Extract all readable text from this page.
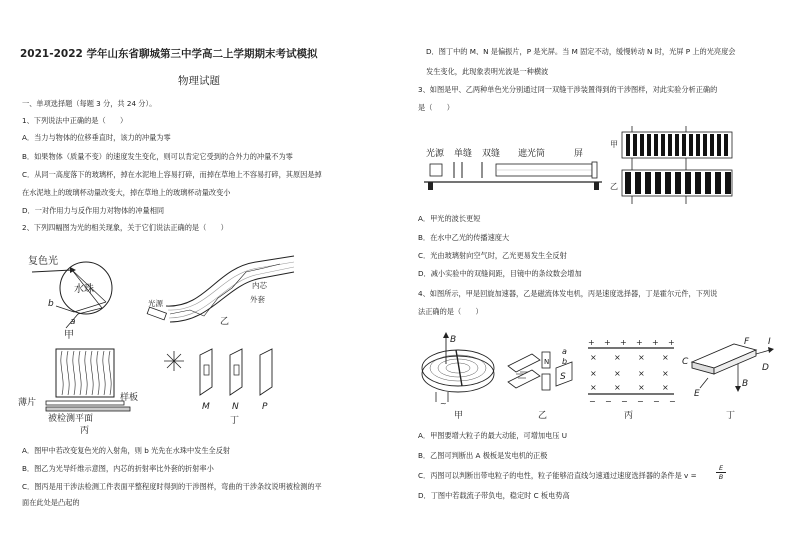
2021-2022 学年山东省聊城第三中学高二上学期期末考试模拟
物理试题
一、单项选择题（每题 3 分，共 24 分）。
1、下列说法中正确的是（　　）
A．当力与物体的位移垂直时，该力的冲量为零
B．如果物体（质量不变）的速度发生变化，则可以肯定它受到的合外力的冲量不为零
C．从同一高度落下的玻璃杯，掉在水泥地上容易打碎，而掉在草地上不容易打碎，其原因是掉
在水泥地上的玻璃杯动量改变大，掉在草地上的玻璃杯动量改变小
D．一对作用力与反作用力对物体的冲量相同
2、下列四幅图为光的相关现象，关于它们说法正确的是（　　）
复色光
水珠
b
a
甲
光源
内芯
外套
乙
薄片	样板
被检测平面
丙
M N	P
丁
A．图甲中若改变复色光的入射角，则 b 光先在水珠中发生全反射
B．图乙为光导纤维示意图，内芯的折射率比外套的折射率小
C．图丙是用干涉法检测工件表面平整程度时得到的干涉图样，弯曲的干涉条纹说明被检测的平
面在此处是凸起的
D．图丁中的 M、N 是偏振片，P 是光屏。当 M 固定不动，缓慢转动 N 时，光屏 P 上的光亮度会
发生变化，此现象表明光波是一种横波
3、如图是甲、乙两种单色光分别通过同一双缝干涉装置得到的干涉图样，对此实验分析正确的
是（　　）
光源 单缝 双缝 遮光筒	屏
甲
乙
A．甲光的波长更短
B．在水中乙光的传播速度大
C．光由玻璃射向空气时，乙光更易发生全反射
D．减小实验中的双缝间距，目镜中的条纹数会增加
4、如图所示，甲是回旋加速器，乙是磁流体发电机，丙是速度选择器，丁是霍尔元件，下列说
法正确的是（　　）
~
B
甲
N
S
a
b
乙
+ + + + + +
− − − − − −
× × × ×
× × × ×
× × × ×
丙
F I
C
D
B
E
丁
A．甲图要增大粒子的最大动能，可增加电压 U
B．乙图可判断出 A 极板是发电机的正极
C．丙图可以判断出带电粒子的电性，粒子能够沿直线匀速通过速度选择器的条件是 v =	$\frac{E}{B}$
D．丁图中若载流子带负电，稳定时 C 板电势高
